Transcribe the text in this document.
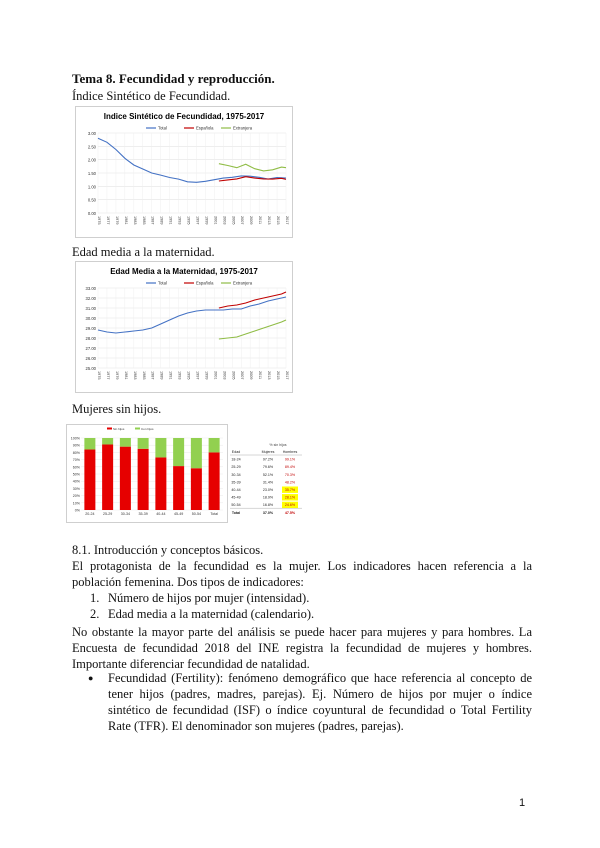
Tema 8. Fecundidad y reproducción.
Índice Sintético de Fecundidad.
Indice Sintético de Fecundidad, 1975-2017
3.00
2.50
2.00
1.50
1.00
0.50
0.00
1975 1977 1979 1981 1983 1985 1987 1989 1991 1993 1995 1997 1999 2001 2003 2005 2007 2009 2011 2013 2015 2017
Total	Española	Extranjera
Edad media a la maternidad.
Edad Media a la Maternidad, 1975-2017
33.00
32.00
31.00
30.00
29.00
28.00
27.00
26.00
25.00
1975 1977 1979 1981 1983 1985 1987 1989 1991 1993 1995 1997 1999 2001 2003 2005 2007 2009 2011 2013 2015 2017
Total	Española	Extranjera
Mujeres sin hijos.
Sin hijos	Con hijos
100%
90%
80%
70%
60%
50%
40%
30%
20%
10%
0%
20-24 25-29 30-34 35-39 40-44 45-49 50-54	Total
% sin hijos
Edad	Mujeres Hombres
18-24	97.2%	99.1%
25-29	79.6%	89.4%
30-34	52.1%	70.3%
35-39	31.4%	48.2%
40-44	23.0%	35.7%
45-49	18.9%	28.1%
50-54	16.8%	24.6%
Total	37.0%	47.5%
8.1. Introducción y conceptos básicos.
El protagonista de la fecundidad es la mujer. Los indicadores hacen referencia a la población femenina. Dos tipos de indicadores:
1. Número de hijos por mujer (intensidad).
2. Edad media a la maternidad (calendario).
No obstante la mayor parte del análisis se puede hacer para mujeres y para hombres. La Encuesta de fecundidad 2018 del INE registra la fecundidad de mujeres y hombres. Importante diferenciar fecundidad de natalidad.
● Fecundidad (Fertility): fenómeno demográfico que hace referencia al concepto de tener hijos (padres, madres, parejas). Ej. Número de hijos por mujer o índice sintético de fecundidad (ISF) o índice coyuntural de fecundidad o Total Fertility Rate (TFR). El denominador son mujeres (padres, parejas).
1
